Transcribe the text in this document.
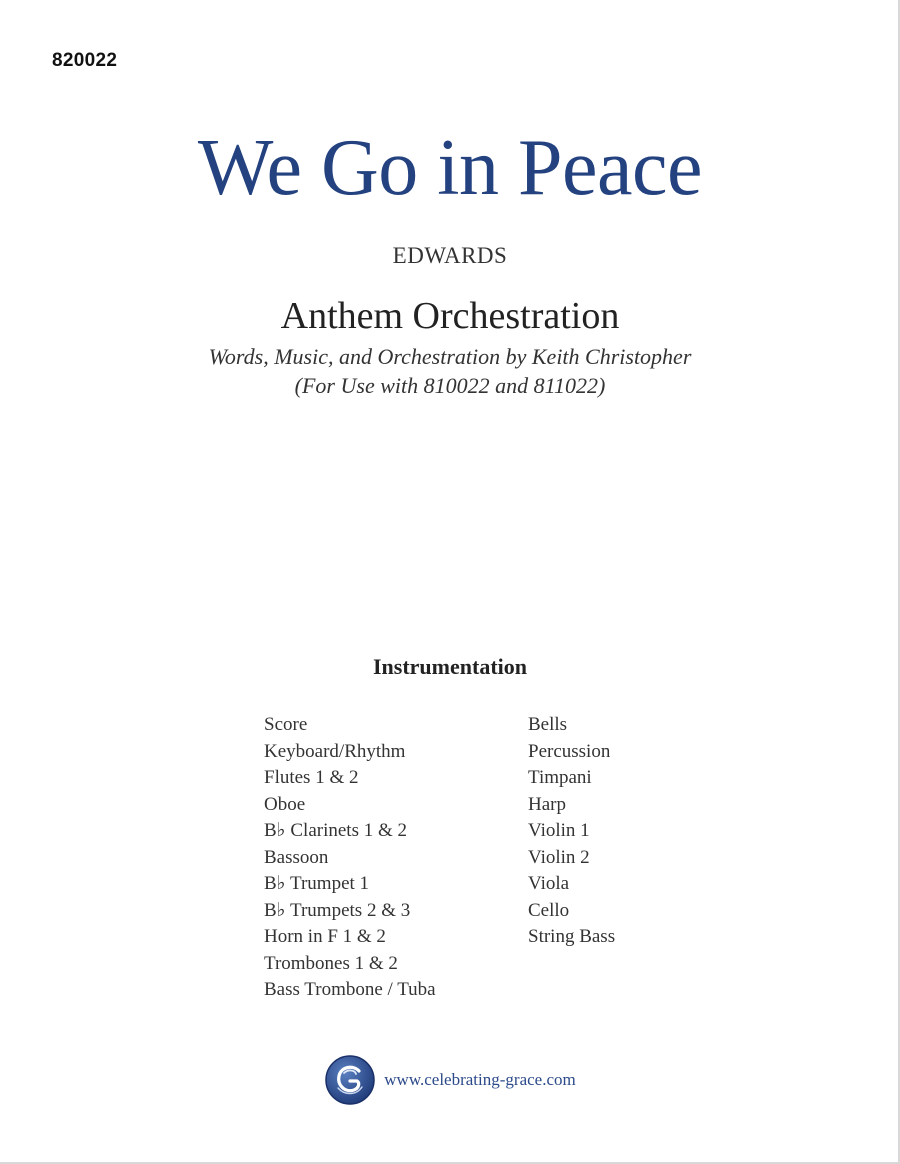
820022
We Go in Peace
EDWARDS
Anthem Orchestration
Words, Music, and Orchestration by Keith Christopher
(For Use with 810022 and 811022)
Instrumentation
Score
Keyboard/Rhythm
Flutes 1 & 2
Oboe
B♭ Clarinets 1 & 2
Bassoon
B♭ Trumpet 1
B♭ Trumpets 2 & 3
Horn in F 1 & 2
Trombones 1 & 2
Bass Trombone / Tuba
Bells
Percussion
Timpani
Harp
Violin 1
Violin 2
Viola
Cello
String Bass
www.celebrating-grace.com
